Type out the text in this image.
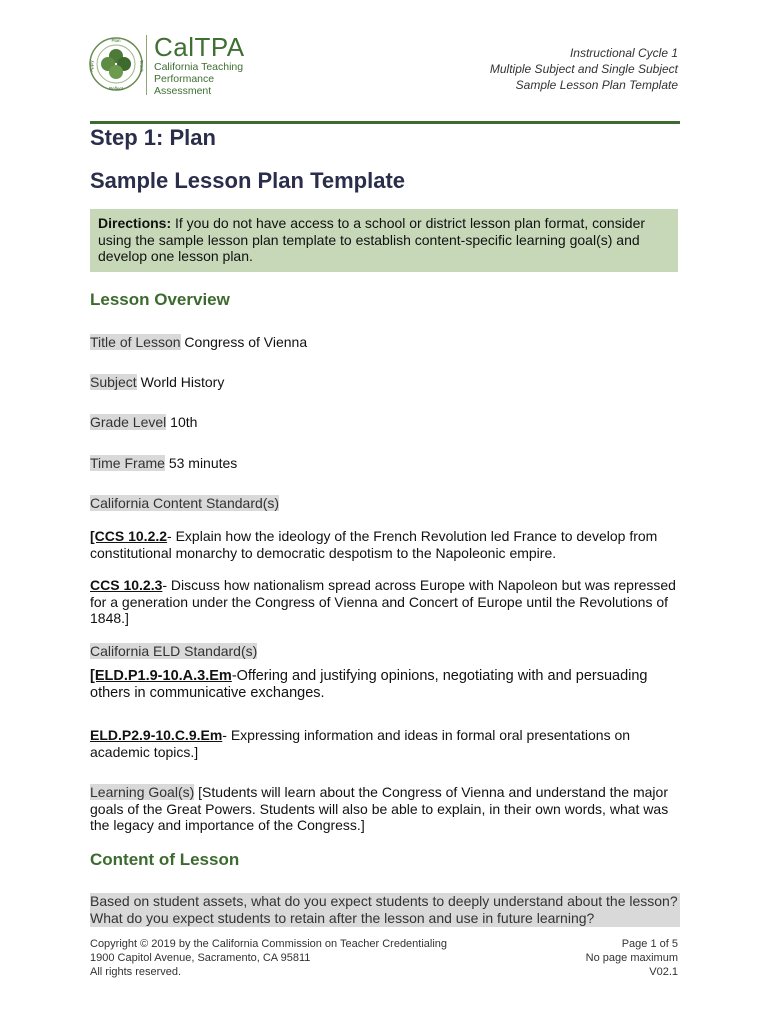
Plan
Teach
Reflect
Apply
CalTPA
California Teaching
Performance Assessment
Instructional Cycle 1
Multiple Subject and Single Subject
Sample Lesson Plan Template
Step 1: Plan
Sample Lesson Plan Template
Directions: If you do not have access to a school or district lesson plan format, consider using the sample lesson plan template to establish content-specific learning goal(s) and develop one lesson plan.
Lesson Overview
Title of Lesson Congress of Vienna
Subject World History
Grade Level 10th
Time Frame 53 minutes
California Content Standard(s)
[CCS 10.2.2- Explain how the ideology of the French Revolution led France to develop from constitutional monarchy to democratic despotism to the Napoleonic empire.
CCS 10.2.3- Discuss how nationalism spread across Europe with Napoleon but was repressed for a generation under the Congress of Vienna and Concert of Europe until the Revolutions of 1848.]
California ELD Standard(s)
[ELD.P1.9-10.A.3.Em-Offering and justifying opinions, negotiating with and persuading others in communicative exchanges.
ELD.P2.9-10.C.9.Em- Expressing information and ideas in formal oral presentations on academic topics.]
Learning Goal(s) [Students will learn about the Congress of Vienna and understand the major goals of the Great Powers. Students will also be able to explain, in their own words, what was the legacy and importance of the Congress.]
Content of Lesson
Based on student assets, what do you expect students to deeply understand about the lesson? What do you expect students to retain after the lesson and use in future learning?
Copyright © 2019 by the California Commission on Teacher Credentialing
1900 Capitol Avenue, Sacramento, CA 95811
All rights reserved.
Page 1 of 5
No page maximum
V02.1
